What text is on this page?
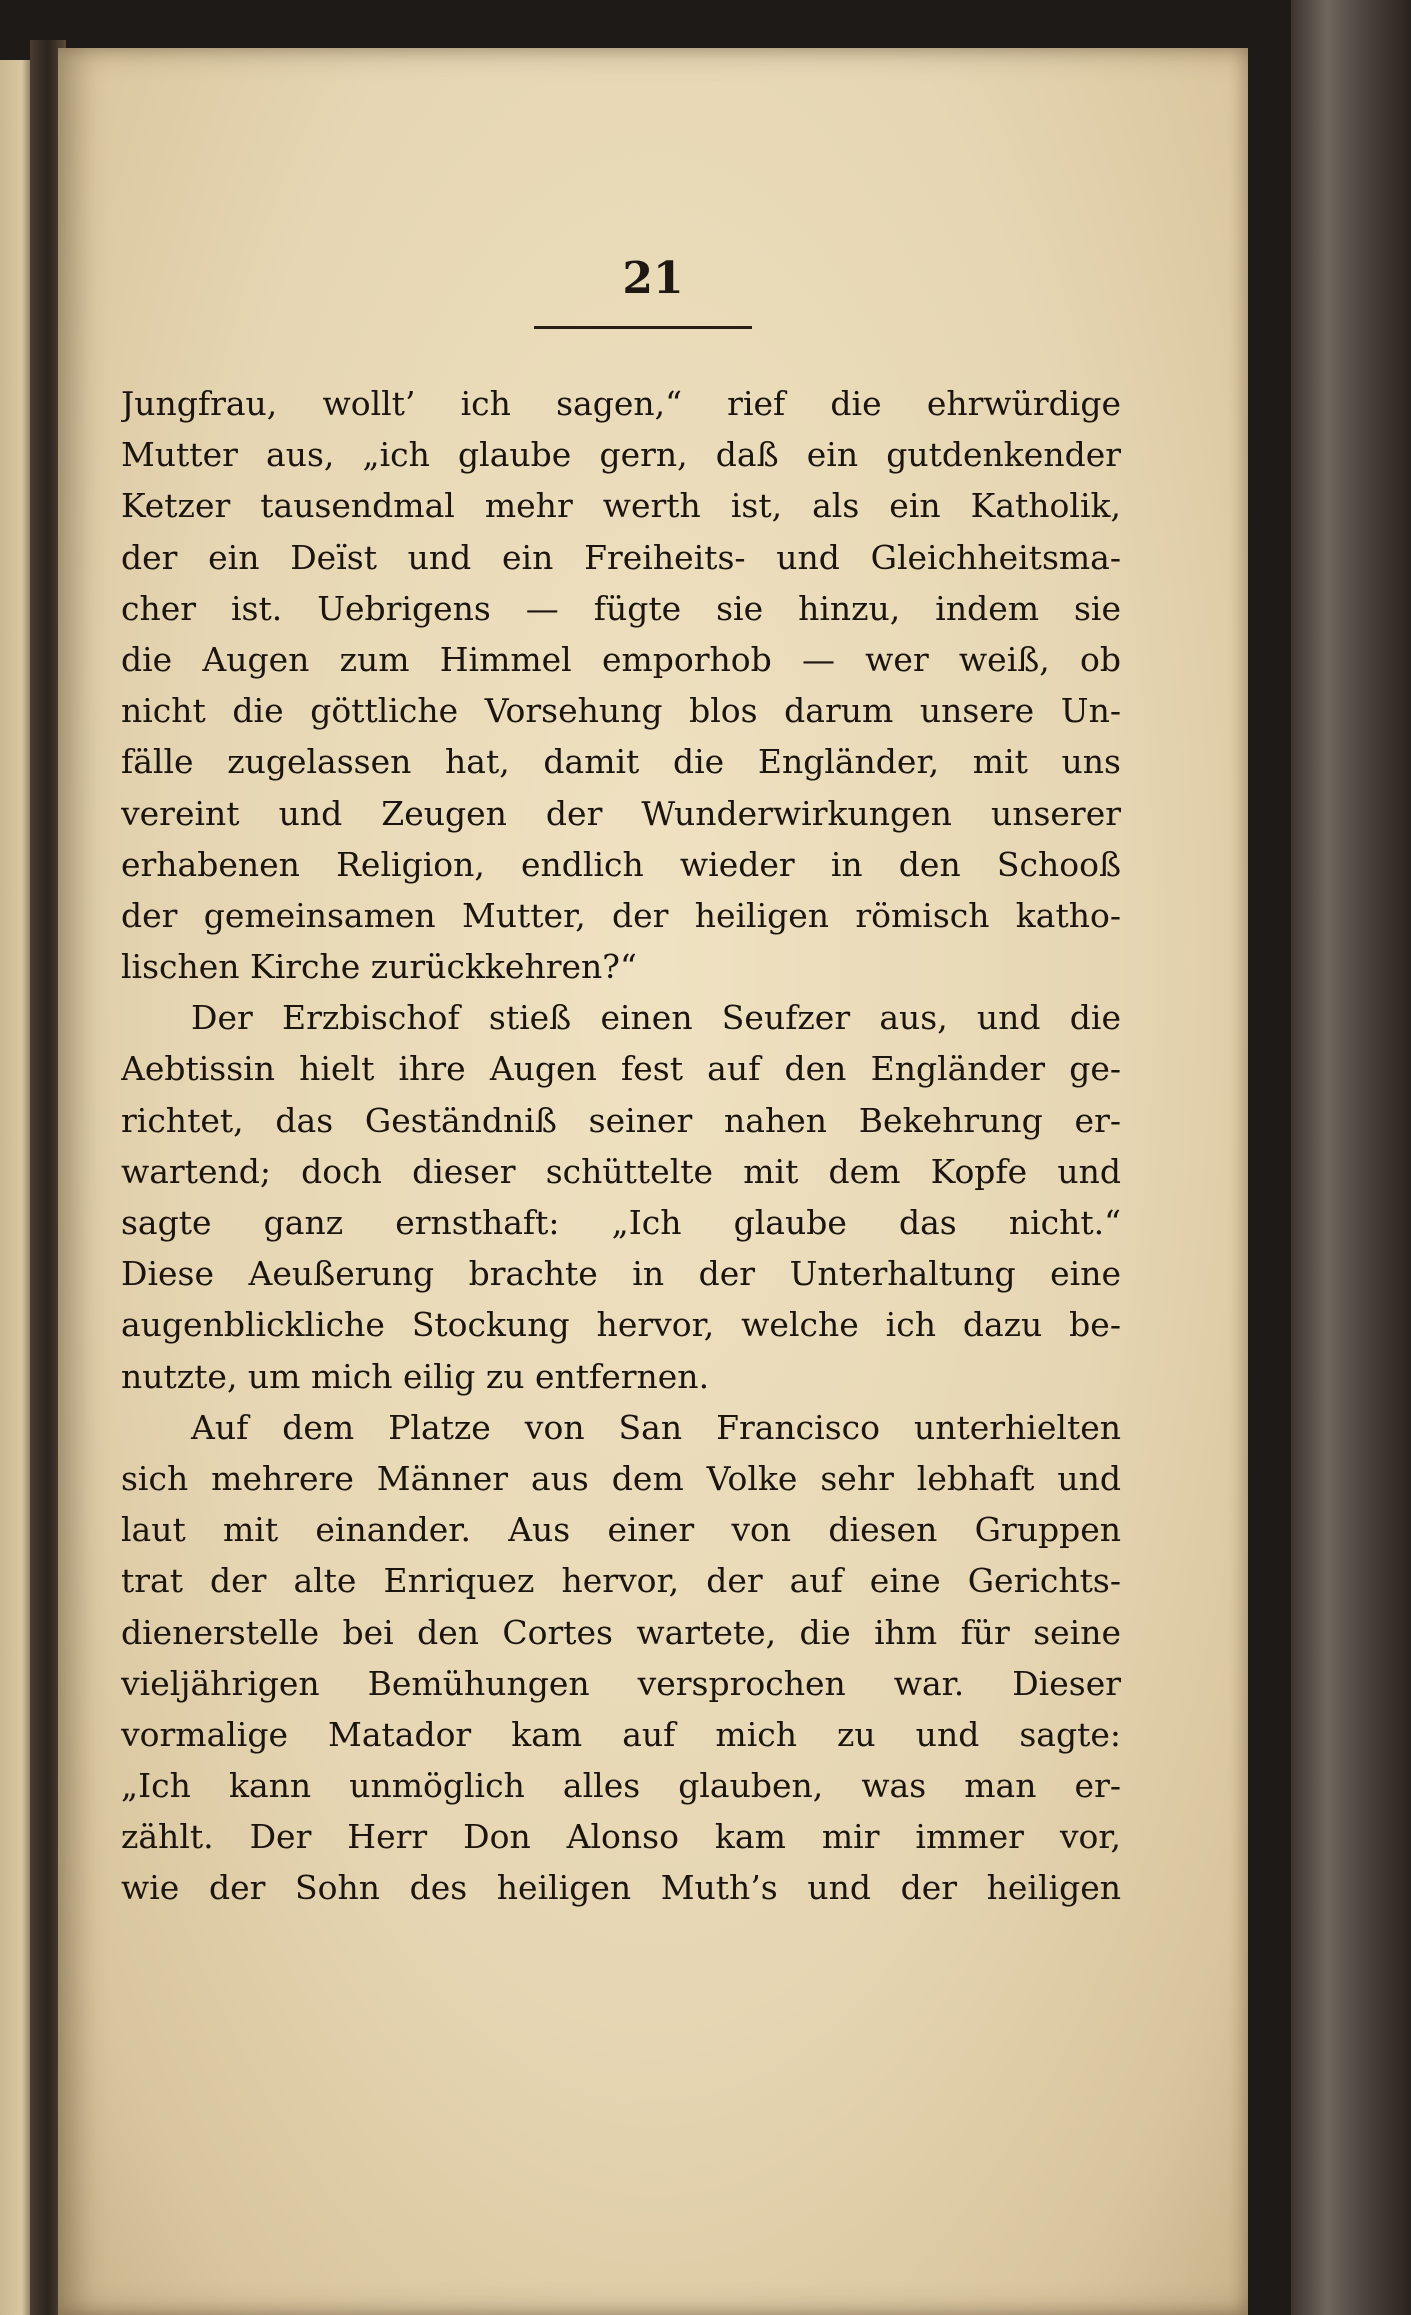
21
Jungfrau, wollt’ ich sagen,“ rief die ehrwürdige
Mutter aus, „ich glaube gern, daß ein gutdenkender
Ketzer tausendmal mehr werth ist, als ein Katholik,
der ein Deïst und ein Freiheits- und Gleichheitsma-
cher ist. Uebrigens — fügte sie hinzu, indem sie
die Augen zum Himmel emporhob — wer weiß, ob
nicht die göttliche Vorsehung blos darum unsere Un-
fälle zugelassen hat, damit die Engländer, mit uns
vereint und Zeugen der Wunderwirkungen unserer
erhabenen Religion, endlich wieder in den Schooß
der gemeinsamen Mutter, der heiligen römisch katho-
lischen Kirche zurückkehren?“
Der Erzbischof stieß einen Seufzer aus, und die
Aebtissin hielt ihre Augen fest auf den Engländer ge-
richtet, das Geständniß seiner nahen Bekehrung er-
wartend; doch dieser schüttelte mit dem Kopfe und
sagte ganz ernsthaft: „Ich glaube das nicht.“
Diese Aeußerung brachte in der Unterhaltung eine
augenblickliche Stockung hervor, welche ich dazu be-
nutzte, um mich eilig zu entfernen.
Auf dem Platze von San Francisco unterhielten
sich mehrere Männer aus dem Volke sehr lebhaft und
laut mit einander. Aus einer von diesen Gruppen
trat der alte Enriquez hervor, der auf eine Gerichts-
dienerstelle bei den Cortes wartete, die ihm für seine
vieljährigen Bemühungen versprochen war. Dieser
vormalige Matador kam auf mich zu und sagte:
„Ich kann unmöglich alles glauben, was man er-
zählt. Der Herr Don Alonso kam mir immer vor,
wie der Sohn des heiligen Muth’s und der heiligen
